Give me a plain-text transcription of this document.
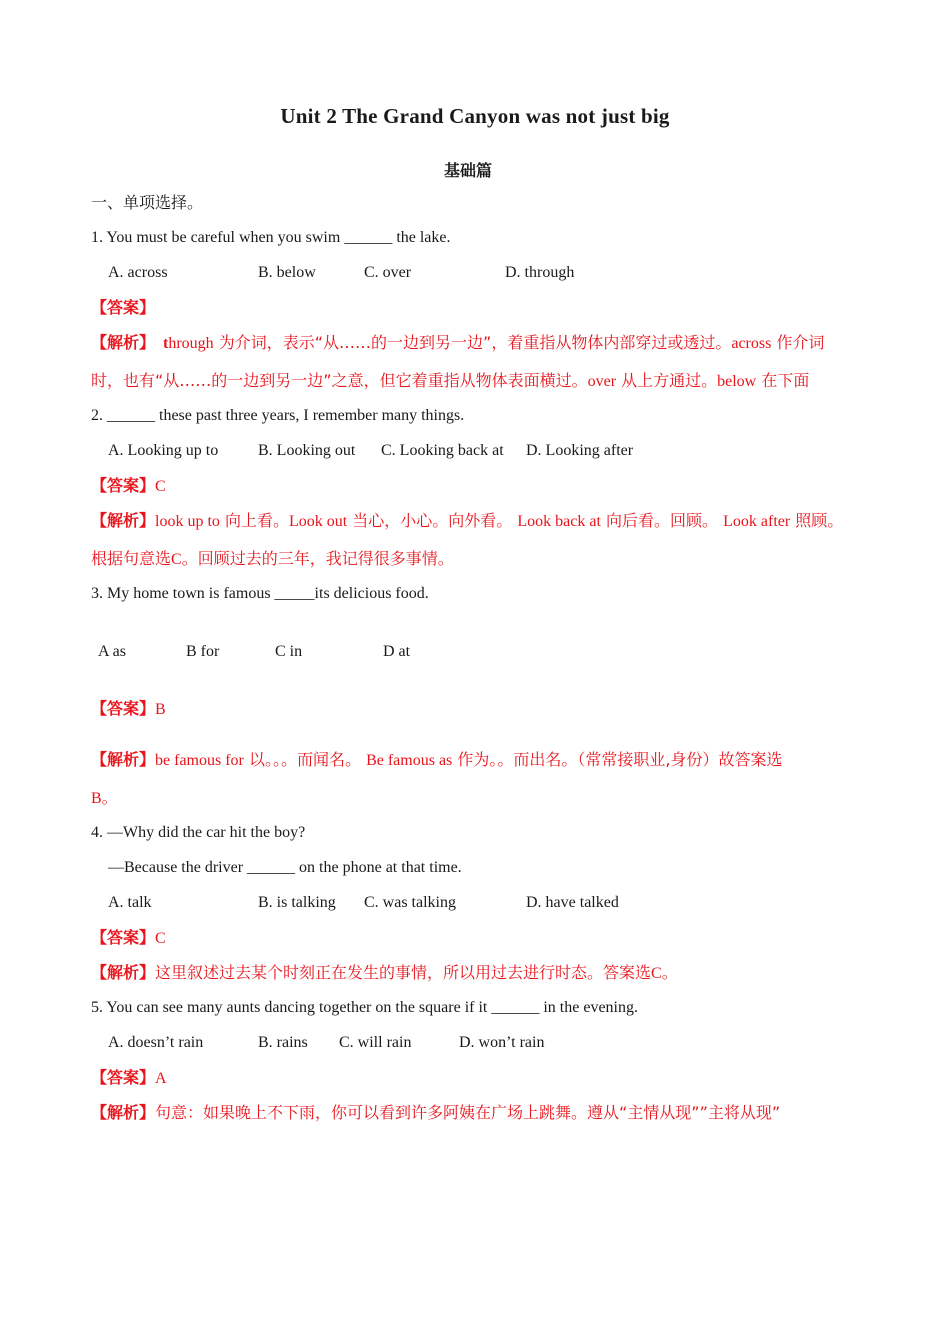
Unit 2 The Grand Canyon was not just big
基础篇
一、单项选择。
1. You must be careful when you swim ______ the lake.
A. across	B. below	C. over	D. through
【答案】
【解析】 through 为介词，表示“从……的一边到另一边”，着重指从物体内部穿过或透过。across 作介词
时，也有“从……的一边到另一边”之意，但它着重指从物体表面横过。over 从上方通过。below 在下面
2. ______ these past three years, I remember many things.
A. Looking up to B. Looking out C. Looking back at D. Looking after
【答案】C
【解析】look up to 向上看。Look out 当心，小心。向外看。 Look back at 向后看。回顾。 Look after 照顾。
根据句意选C。回顾过去的三年，我记得很多事情。
3. My home town is famous _____its delicious food.
A as	B for	C in	D at
【答案】B
【解析】be famous for 以。。。而闻名。 Be famous as 作为。。而出名。（常常接职业,身份）故答案选
B。
4. —Why did the car hit the boy?
—Because the driver ______ on the phone at that time.
A. talk	B. is talking C. was talking	D. have talked
【答案】C
【解析】这里叙述过去某个时刻正在发生的事情，所以用过去进行时态。答案选C。
5. You can see many aunts dancing together on the square if it ______ in the evening.
A. doesn’t rain	B. rains C. will rain	D. won’t rain
【答案】A
【解析】句意：如果晚上不下雨，你可以看到许多阿姨在广场上跳舞。遵从“主情从现””主将从现”
